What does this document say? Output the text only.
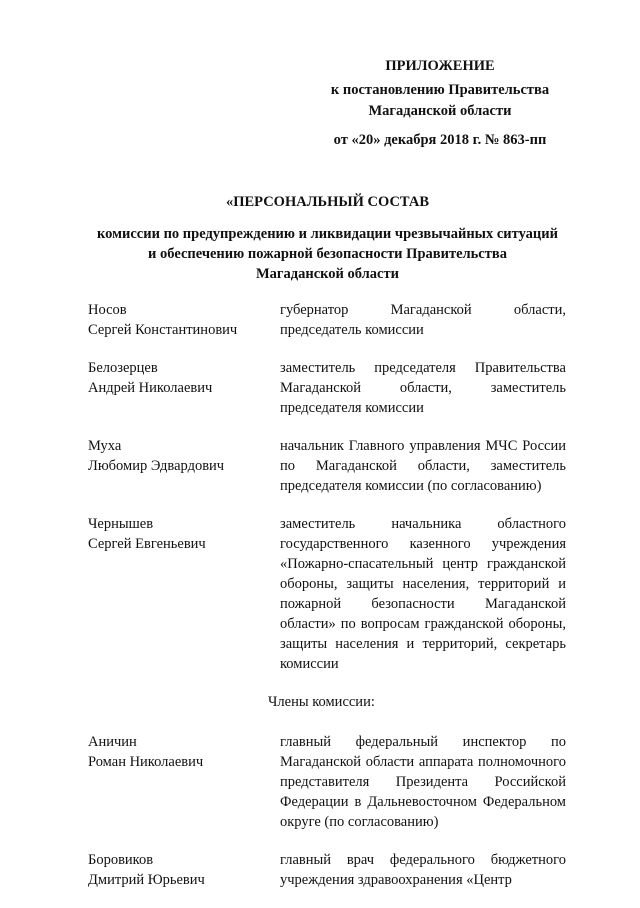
ПРИЛОЖЕНИЕ
к постановлению Правительства
Магаданской области
от «20» декабря 2018 г. № 863-пп
«ПЕРСОНАЛЬНЫЙ СОСТАВ
комиссии по предупреждению и ликвидации чрезвычайных ситуаций
и обеспечению пожарной безопасности Правительства
Магаданской области
Носов
Сергей Константинович
губернатор Магаданской области, председатель комиссии
Белозерцев
Андрей Николаевич
заместитель председателя Правительства Магаданской области, заместитель председателя комиссии
Муха
Любомир Эдвардович
начальник Главного управления МЧС России по Магаданской области, заместитель председателя комиссии (по согласованию)
Чернышев
Сергей Евгеньевич
заместитель начальника областного государственного казенного учреждения «Пожарно-спасательный центр гражданской обороны, защиты населения, территорий и пожарной безопасности Магаданской области» по вопросам гражданской обороны, защиты населения и территорий, секретарь комиссии
Члены комиссии:
Аничин
Роман Николаевич
главный федеральный инспектор по Магаданской области аппарата полномочного представителя Президента Российской Федерации в Дальневосточном Федеральном округе (по согласованию)
Боровиков
Дмитрий Юрьевич
главный врач федерального бюджетного учреждения здравоохранения «Центр
